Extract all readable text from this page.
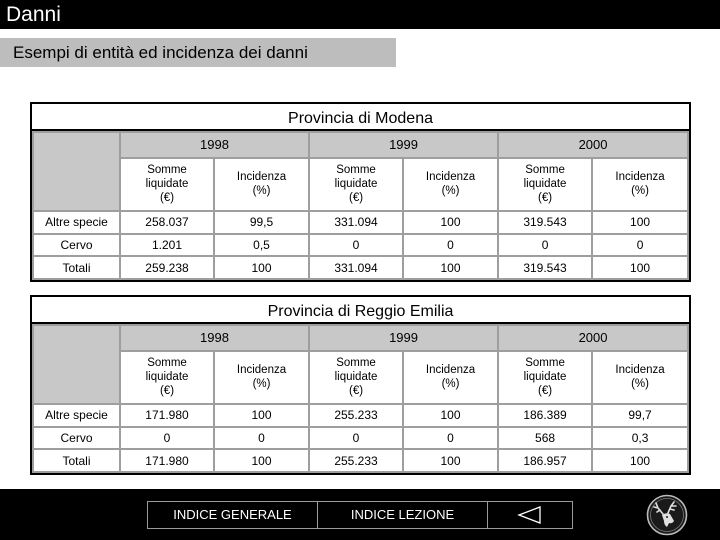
Danni
Esempi di entità ed incidenza dei danni
Provincia di Modena
	1998		1999		2000	
	Somme
liquidate
(€)	Incidenza
(%)	Somme
liquidate
(€)	Incidenza
(%)	Somme
liquidate
(€)	Incidenza
(%)
Altre specie	258.037	99,5	331.094	100	319.543	100
Cervo	1.201	0,5	0	0	0	0
Totali	259.238	100	331.094	100	319.543	100
Provincia di Reggio Emilia
	1998		1999		2000	
	Somme
liquidate
(€)	Incidenza
(%)	Somme
liquidate
(€)	Incidenza
(%)	Somme
liquidate
(€)	Incidenza
(%)
Altre specie	171.980	100	255.233	100	186.389	99,7
Cervo	0	0	0	0	568	0,3
Totali	171.980	100	255.233	100	186.957	100
INDICE GENERALE	INDICE LEZIONE
